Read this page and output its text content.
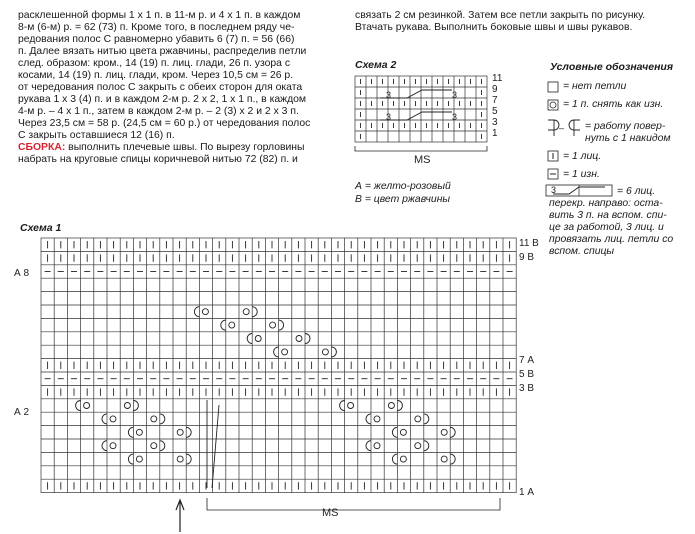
расклешенной формы 1 х 1 п. в 11-м р. и 4 х 1 п. в каждом
8-м (6-м) р. = 62 (73) п. Кроме того, в последнем ряду че-
редования полос С равномерно убавить 6 (7) п. = 56 (66)
п. Далее вязать нитью цвета ржавчины, распределив петли
след. образом: кром., 14 (19) п. лиц. глади, 26 п. узора с
косами, 14 (19) п. лиц. глади, кром. Через 10,5 см = 26 р.
от чередования полос С закрыть с обеих сторон для оката
рукава 1 х 3 (4) п. и в каждом 2-м р. 2 х 2, 1 х 1 п., в каждом
4-м р. – 4 х 1 п., затем в каждом 2-м р. – 2 (3) х 2 и 2 х 3 п.
Через 23,5 см = 58 р. (24,5 см = 60 р.) от чередования полос
С закрыть оставшиеся 12 (16) п.
СБОРКА: выполнить плечевые швы. По вырезу горловины
набрать на круговые спицы коричневой нитью 72 (82) п. и
связать 2 см резинкой. Затем все петли закрыть по рисунку.
Втачать рукава. Выполнить боковые швы и швы рукавов.
Схема 2
11
9
7
5
3
1
3	3
3	3
MS
А = желто-розовый
В = цвет ржавчины
Условные обозначения
–
= нет петли
= 1 п. снять как изн.
= работу повер-
нуть с 1 накидом
= 1 лиц.
= 1 изн.
3	= 6 лиц.
перекр. направо: оста-
вить 3 п. на вспом. спи-
це за работой, 3 лиц. и
провязать лиц. петли со
вспом. спицы
Схема 1
11 В
9 В
7 А
5 В
3 В
1 А
А 8
А 2
MS
